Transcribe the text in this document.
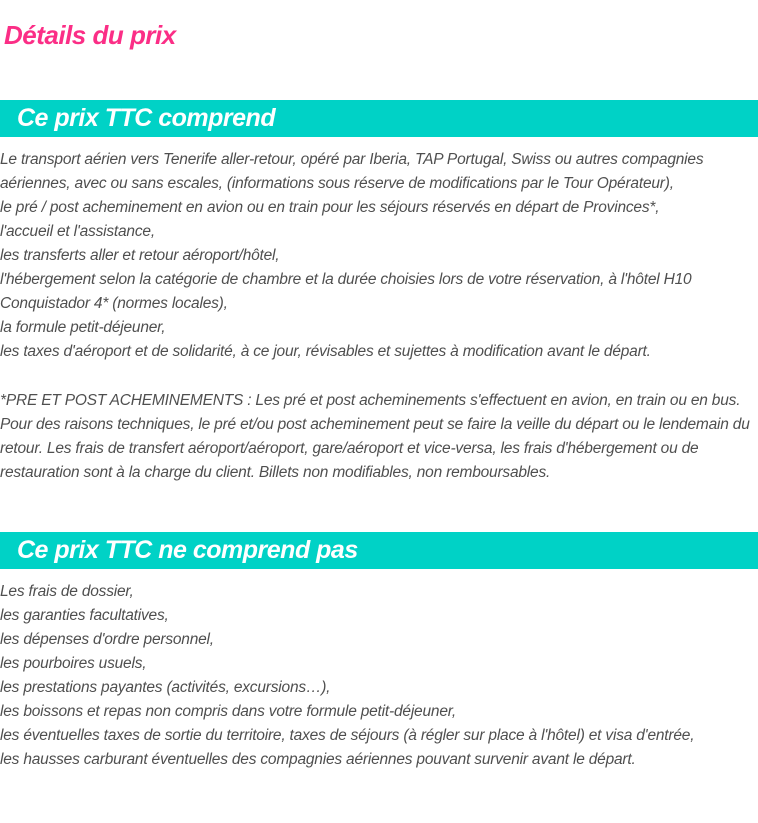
Détails du prix
Ce prix TTC comprend

Le transport aérien vers Tenerife aller-retour, opéré par Iberia, TAP Portugal, Swiss ou autres compagnies aériennes, avec ou sans escales, (informations sous réserve de modifications par le Tour Opérateur),

le pré / post acheminement en avion ou en train pour les séjours réservés en départ de Provinces*,

l'accueil et l'assistance,

les transferts aller et retour aéroport/hôtel,

l'hébergement selon la catégorie de chambre et la durée choisies lors de votre réservation, à l'hôtel H10 Conquistador 4* (normes locales),

la formule petit-déjeuner,

les taxes d'aéroport et de solidarité, à ce jour, révisables et sujettes à modification avant le départ.

*PRE ET POST ACHEMINEMENTS : Les pré et post acheminements s'effectuent en avion, en train ou en bus. Pour des raisons techniques, le pré et/ou post acheminement peut se faire la veille du départ ou le lendemain du retour. Les frais de transfert aéroport/aéroport, gare/aéroport et vice-versa, les frais d'hébergement ou de restauration sont à la charge du client. Billets non modifiables, non remboursables.

Ce prix TTC ne comprend pas

Les frais de dossier,

les garanties facultatives,

les dépenses d'ordre personnel,

les pourboires usuels,

les prestations payantes (activités, excursions…),

les boissons et repas non compris dans votre formule petit-déjeuner,

les éventuelles taxes de sortie du territoire, taxes de séjours (à régler sur place à l'hôtel) et visa d'entrée,

les hausses carburant éventuelles des compagnies aériennes pouvant survenir avant le départ.
